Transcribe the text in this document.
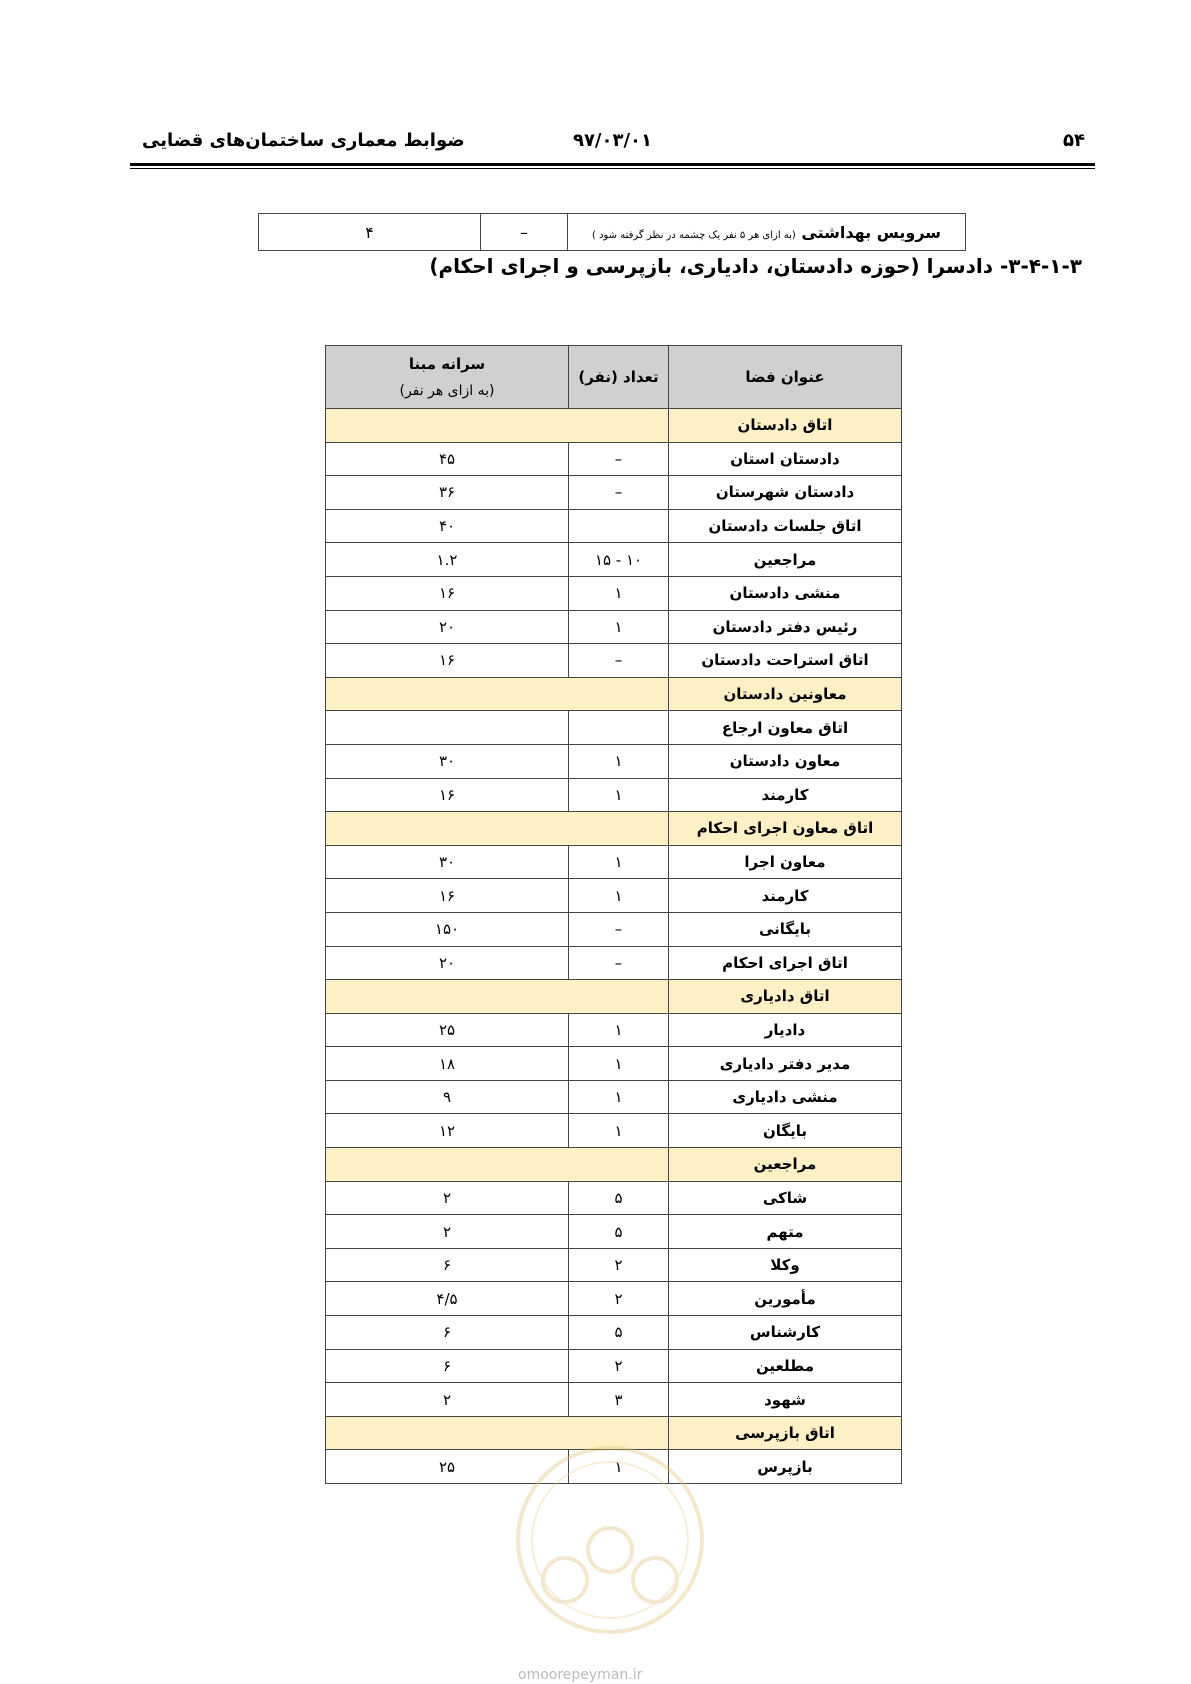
۵۴
۹۷/۰۳/۰۱
ضوابط معماری ساختمان‌های قضایی
سرویس بهداشتی (به ازای هر ۵ نفر یک چشمه در نظر گرفته شود )	–	۴
۳-۴-۱-۳- دادسرا (حوزه دادستان، دادیاری، بازپرسی و اجرای احکام)
عنوان فضا	تعداد (نفر)	سرانه مبنا
(به ازای هر نفر)

اتاق دادستان		
دادستان استان	–	۴۵
دادستان شهرستان	–	۳۶
اتاق جلسات دادستان		۴۰
مراجعین	۱۰ - ۱۵	۱.۲
منشی دادستان	۱	۱۶
رئیس دفتر دادستان	۱	۲۰
اتاق استراحت دادستان	–	۱۶
معاونین دادستان		
اتاق معاون ارجاع		
معاون دادستان	۱	۳۰
کارمند	۱	۱۶
اتاق معاون اجرای احکام		
معاون اجرا	۱	۳۰
کارمند	۱	۱۶
بایگانی	–	۱۵۰
اتاق اجرای احکام	–	۲۰
اتاق دادیاری		
دادیار	۱	۲۵
مدیر دفتر دادیاری	۱	۱۸
منشی دادیاری	۱	۹
بایگان	۱	۱۲
مراجعین		
شاکی	۵	۲
متهم	۵	۲
وکلا	۲	۶
مأمورین	۲	۴/۵
کارشناس	۵	۶
مطلعین	۲	۶
شهود	۳	۲
اتاق بازپرسی		
بازپرس	۱	۲۵
omoorepeyman.ir
